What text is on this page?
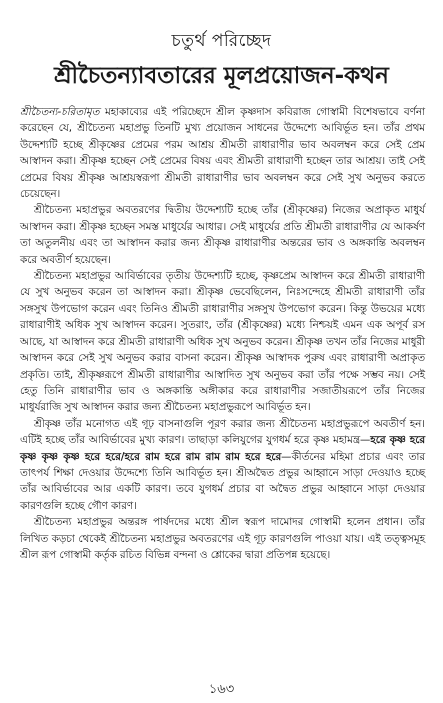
চতুর্থ পরিচ্ছেদ
শ্রীচৈতন্যাবতারের মূলপ্রয়োজন-কথন

শ্রীচৈতন্য-চরিতামৃত মহাকাব্যের এই পরিচ্ছেদে শ্রীল কৃষ্ণদাস কবিরাজ গোস্বামী বিশেষভাবে বর্ণনা করেছেন যে, শ্রীচৈতন্য মহাপ্রভু তিনটি মুখ্য প্রয়োজন সাধনের উদ্দেশ্যে আবির্ভূত হন। তাঁর প্রথম উদ্দেশ্যটি হচ্ছে শ্রীকৃষ্ণের প্রেমের পরম আশ্রয় শ্রীমতী রাধারাণীর ভাব অবলম্বন করে সেই প্রেম আস্বাদন করা। শ্রীকৃষ্ণ হচ্ছেন সেই প্রেমের বিষয় এবং শ্রীমতী রাধারাণী হচ্ছেন তার আশ্রয়। তাই সেই প্রেমের বিষয় শ্রীকৃষ্ণ আশ্রয়স্বরূপা শ্রীমতী রাধারাণীর ভাব অবলম্বন করে সেই সুখ অনুভব করতে চেয়েছেন।

শ্রীচৈতন্য মহাপ্রভুর অবতরণের দ্বিতীয় উদ্দেশ্যটি হচ্ছে তাঁর (শ্রীকৃষ্ণের) নিজের অপ্রাকৃত মাধুর্য আস্বাদন করা। শ্রীকৃষ্ণ হচ্ছেন সমস্ত মাধুর্যের আধার। সেই মাধুর্যের প্রতি শ্রীমতী রাধারাণীর যে আকর্ষণ তা অতুলনীয় এবং তা আস্বাদন করার জন্য শ্রীকৃষ্ণ রাধারাণীর অন্তরের ভাব ও অঙ্গকান্তি অবলম্বন করে অবতীর্ণ হয়েছেন।

শ্রীচৈতন্য মহাপ্রভুর আবির্ভাবের তৃতীয় উদ্দেশ্যটি হচ্ছে, কৃষ্ণপ্রেম আস্বাদন করে শ্রীমতী রাধারাণী যে সুখ অনুভব করেন তা আস্বাদন করা। শ্রীকৃষ্ণ ভেবেছিলেন, নিঃসন্দেহে শ্রীমতী রাধারাণী তাঁর সঙ্গসুখ উপভোগ করেন এবং তিনিও শ্রীমতী রাধারাণীর সঙ্গসুখ উপভোগ করেন। কিন্তু উভয়ের মধ্যে রাধারাণীই অধিক সুখ আস্বাদন করেন। সুতরাং, তাঁর (শ্রীকৃষ্ণের) মধ্যে নিশ্চয়ই এমন এক অপূর্ব রস আছে, যা আস্বাদন করে শ্রীমতী রাধারাণী অধিক সুখ অনুভব করেন। শ্রীকৃষ্ণ তখন তাঁর নিজের মাধুরী আস্বাদন করে সেই সুখ অনুভব করার বাসনা করেন। শ্রীকৃষ্ণ আস্বাদক পুরুষ এবং রাধারাণী অপ্রাকৃত প্রকৃতি। তাই, শ্রীকৃষ্ণরূপে শ্রীমতী রাধারাণীর আস্বাদিত সুখ অনুভব করা তাঁর পক্ষে সম্ভব নয়। সেই হেতু তিনি রাধারাণীর ভাব ও অঙ্গকান্তি অঙ্গীকার করে রাধারাণীর সজাতীয়রূপে তাঁর নিজের মাধুর্যরাজি সুখ আস্বাদন করার জন্য শ্রীচৈতন্য মহাপ্রভুরূপে আবির্ভূত হন।

শ্রীকৃষ্ণ তাঁর মনোগত এই গূঢ় বাসনাগুলি পূরণ করার জন্য শ্রীচৈতন্য মহাপ্রভুরূপে অবতীর্ণ হন। এটিই হচ্ছে তাঁর আবির্ভাবের মুখ্য কারণ। তাছাড়া কলিযুগের যুগধর্ম হরে কৃষ্ণ মহামন্ত্র—হরে কৃষ্ণ হরে কৃষ্ণ কৃষ্ণ কৃষ্ণ হরে হরে/হরে রাম হরে রাম রাম রাম হরে হরে—কীর্তনের মহিমা প্রচার এবং তার তাৎপর্য শিক্ষা দেওয়ার উদ্দেশ্যে তিনি আবির্ভূত হন। শ্রীঅদ্বৈত প্রভুর আহ্বানে সাড়া দেওয়াও হচ্ছে তাঁর আবির্ভাবের আর একটি কারণ। তবে যুগধর্ম প্রচার বা অদ্বৈত প্রভুর আহ্বানে সাড়া দেওয়ার কারণগুলি হচ্ছে গৌণ কারণ।

শ্রীচৈতন্য মহাপ্রভুর অন্তরঙ্গ পার্ষদদের মধ্যে শ্রীল স্বরূপ দামোদর গোস্বামী হলেন প্রধান। তাঁর লিখিত কড়চা থেকেই শ্রীচৈতন্য মহাপ্রভুর অবতরণের এই গূঢ় কারণগুলি পাওয়া যায়। এই তত্ত্বসমূহ শ্রীল রূপ গোস্বামী কর্তৃক রচিত বিভিন্ন বন্দনা ও শ্লোকের দ্বারা প্রতিপন্ন হয়েছে।

১৬৩
